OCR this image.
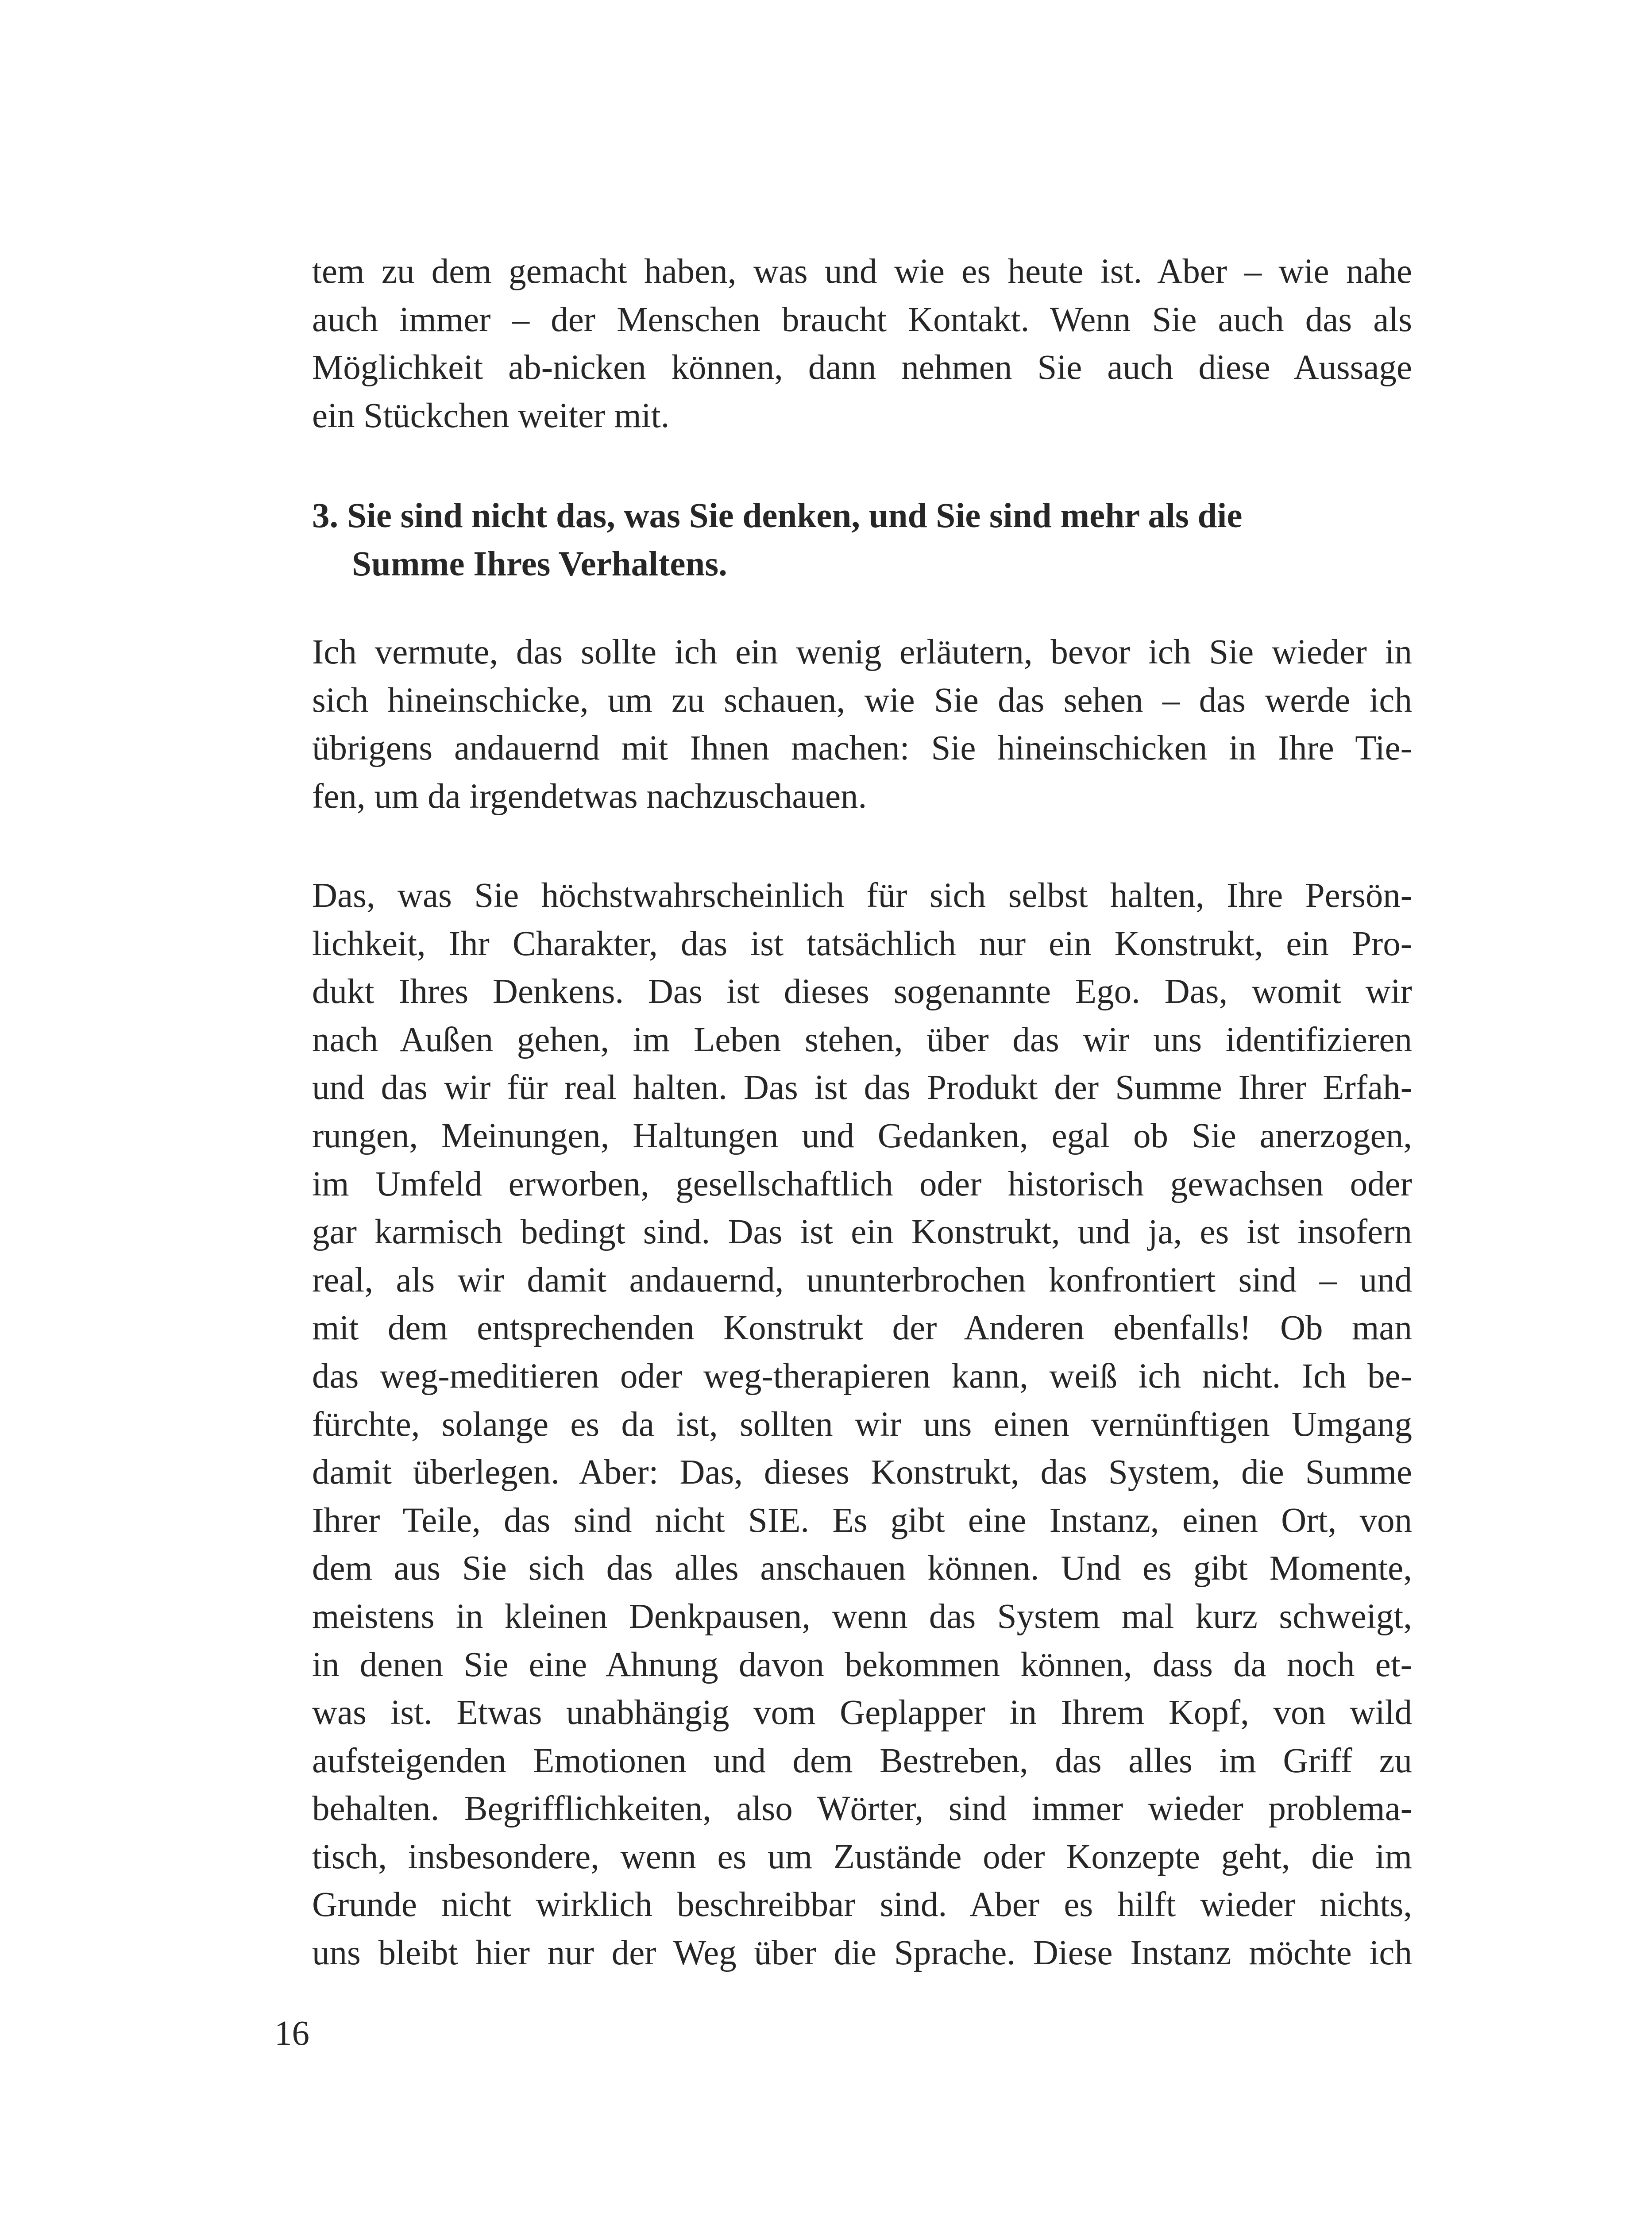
tem zu dem gemacht haben, was und wie es heute ist. Aber – wie nahe
auch immer – der Menschen braucht Kontakt. Wenn Sie auch das als
Möglichkeit ab-nicken können, dann nehmen Sie auch diese Aussage
ein Stückchen weiter mit.
3. Sie sind nicht das, was Sie denken, und Sie sind mehr als die
Summe Ihres Verhaltens.
Ich vermute, das sollte ich ein wenig erläutern, bevor ich Sie wieder in
sich hineinschicke, um zu schauen, wie Sie das sehen – das werde ich
übrigens andauernd mit Ihnen machen: Sie hineinschicken in Ihre Tie-
fen, um da irgendetwas nachzuschauen.
Das, was Sie höchstwahrscheinlich für sich selbst halten, Ihre Persön-
lichkeit, Ihr Charakter, das ist tatsächlich nur ein Konstrukt, ein Pro-
dukt Ihres Denkens. Das ist dieses sogenannte Ego. Das, womit wir
nach Außen gehen, im Leben stehen, über das wir uns identifizieren
und das wir für real halten. Das ist das Produkt der Summe Ihrer Erfah-
rungen, Meinungen, Haltungen und Gedanken, egal ob Sie anerzogen,
im Umfeld erworben, gesellschaftlich oder historisch gewachsen oder
gar karmisch bedingt sind. Das ist ein Konstrukt, und ja, es ist insofern
real, als wir damit andauernd, ununterbrochen konfrontiert sind – und
mit dem entsprechenden Konstrukt der Anderen ebenfalls! Ob man
das weg-meditieren oder weg-therapieren kann, weiß ich nicht. Ich be-
fürchte, solange es da ist, sollten wir uns einen vernünftigen Umgang
damit überlegen. Aber: Das, dieses Konstrukt, das System, die Summe
Ihrer Teile, das sind nicht SIE. Es gibt eine Instanz, einen Ort, von
dem aus Sie sich das alles anschauen können. Und es gibt Momente,
meistens in kleinen Denkpausen, wenn das System mal kurz schweigt,
in denen Sie eine Ahnung davon bekommen können, dass da noch et-
was ist. Etwas unabhängig vom Geplapper in Ihrem Kopf, von wild
aufsteigenden Emotionen und dem Bestreben, das alles im Griff zu
behalten. Begrifflichkeiten, also Wörter, sind immer wieder problema-
tisch, insbesondere, wenn es um Zustände oder Konzepte geht, die im
Grunde nicht wirklich beschreibbar sind. Aber es hilft wieder nichts,
uns bleibt hier nur der Weg über die Sprache. Diese Instanz möchte ich
16
